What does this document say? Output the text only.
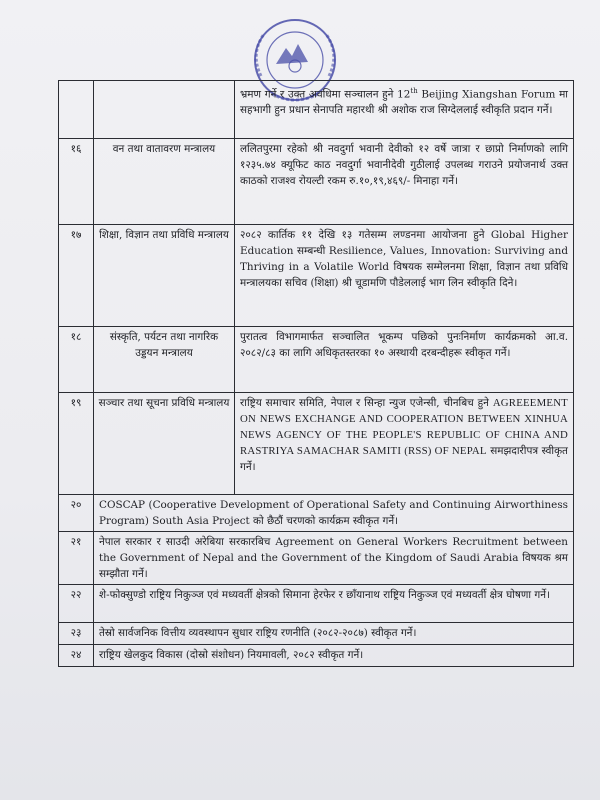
		भ्रमण गर्ने र उक्त अवधिमा सञ्चालन हुने 12th Beijing Xiangshan Forum मा सहभागी हुन प्रधान सेनापति महारथी श्री अशोक राज सिग्देललाई स्वीकृति प्रदान गर्ने।
१६	वन तथा वातावरण मन्त्रालय	ललितपुरमा रहेको श्री नवदुर्गा भवानी देवीको १२ वर्षे जात्रा र छाप्रो निर्माणको लागि १२३५.७४ क्यूफिट काठ नवदुर्गा भवानीदेवी गुठीलाई उपलब्ध गराउने प्रयोजनार्थ उक्त काठको राजश्व रोयल्टी रकम रु.१०,१९,४६९/- मिनाहा गर्ने।
१७	शिक्षा, विज्ञान तथा प्रविधि मन्त्रालय	२०८२ कार्तिक ११ देखि १३ गतेसम्म लण्डनमा आयोजना हुने Global Higher Education सम्बन्धी Resilience, Values, Innovation: Surviving and Thriving in a Volatile World विषयक सम्मेलनमा शिक्षा, विज्ञान तथा प्रविधि मन्त्रालयका सचिव (शिक्षा) श्री चूडामणि पौडेललाई भाग लिन स्वीकृति दिने।
१८	संस्कृति, पर्यटन तथा नागरिक उड्डयन मन्त्रालय	पुरातत्व विभागमार्फत सञ्चालित भूकम्प पछिको पुनःनिर्माण कार्यक्रमको आ.व. २०८२/८३ का लागि अधिकृतस्तरका १० अस्थायी दरबन्दीहरू स्वीकृत गर्ने।
१९	सञ्चार तथा सूचना प्रविधि मन्त्रालय	राष्ट्रिय समाचार समिति, नेपाल र सिन्हा न्युज एजेन्सी, चीनबिच हुने AGREEEMENT ON NEWS EXCHANGE AND COOPERATION BETWEEN XINHUA NEWS AGENCY OF THE PEOPLE'S REPUBLIC OF CHINA AND RASTRIYA SAMACHAR SAMITI (RSS) OF NEPAL समझदारीपत्र स्वीकृत गर्ने।
२०	COSCAP (Cooperative Development of Operational Safety and Continuing Airworthiness Program) South Asia Project को छैठौं चरणको कार्यक्रम स्वीकृत गर्ने।	
२१	नेपाल सरकार र साउदी अरेबिया सरकारबिच Agreement on General Workers Recruitment between the Government of Nepal and the Government of the Kingdom of Saudi Arabia विषयक श्रम सम्झौता गर्ने।	
२२	शे-फोक्सुण्डो राष्ट्रिय निकुञ्ज एवं मध्यवर्ती क्षेत्रको सिमाना हेरफेर र छाँयानाथ राष्ट्रिय निकुञ्ज एवं मध्यवर्ती क्षेत्र घोषणा गर्ने।	
२३	तेस्रो सार्वजनिक वित्तीय व्यवस्थापन सुधार राष्ट्रिय रणनीति (२०८२-२०८७) स्वीकृत गर्ने।	
२४	राष्ट्रिय खेलकुद विकास (दोस्रो संशोधन) नियमावली, २०८२ स्वीकृत गर्ने।	
